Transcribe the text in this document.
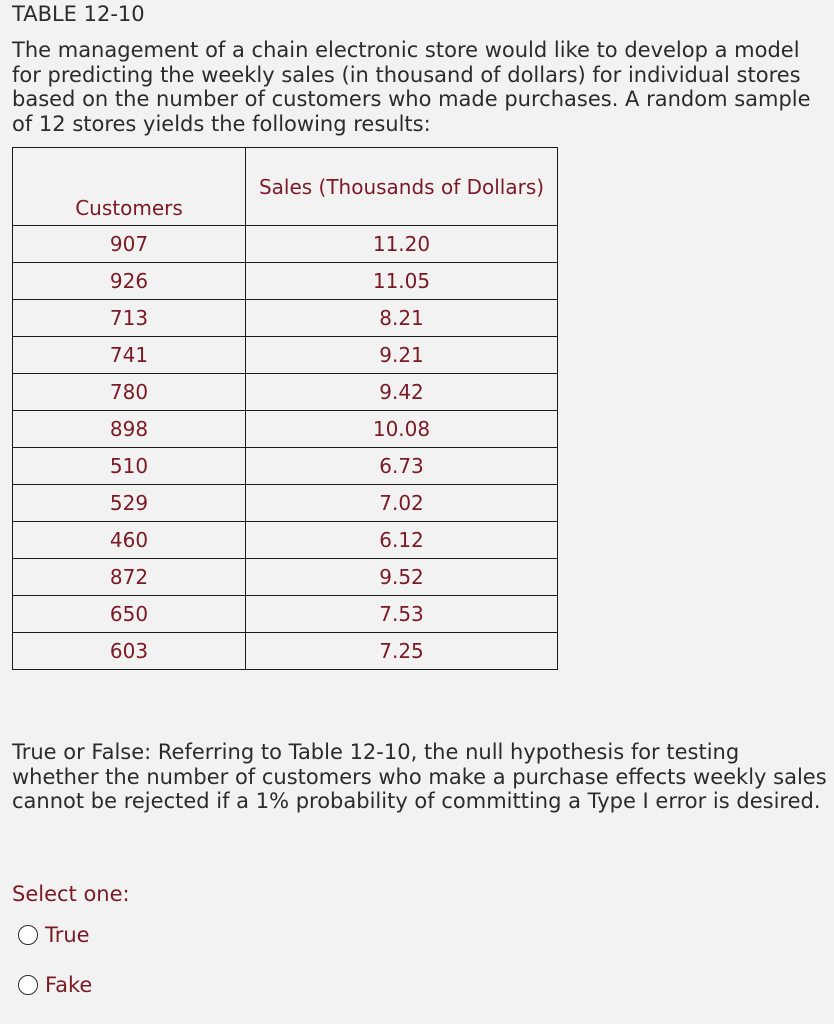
TABLE 12-10

The management of a chain electronic store would like to develop a model for predicting the weekly sales (in thousand of dollars) for individual stores based on the number of customers who made purchases. A random sample of 12 stores yields the following results:

Customers	Sales (Thousands of Dollars)
907	11.20
926	11.05
713	8.21
741	9.21
780	9.42
898	10.08
510	6.73
529	7.02
460	6.12
872	9.52
650	7.53
603	7.25

True or False: Referring to Table 12-10, the null hypothesis for testing whether the number of customers who make a purchase effects weekly sales cannot be rejected if a 1% probability of committing a Type I error is desired.

Select one:
True
Fake
